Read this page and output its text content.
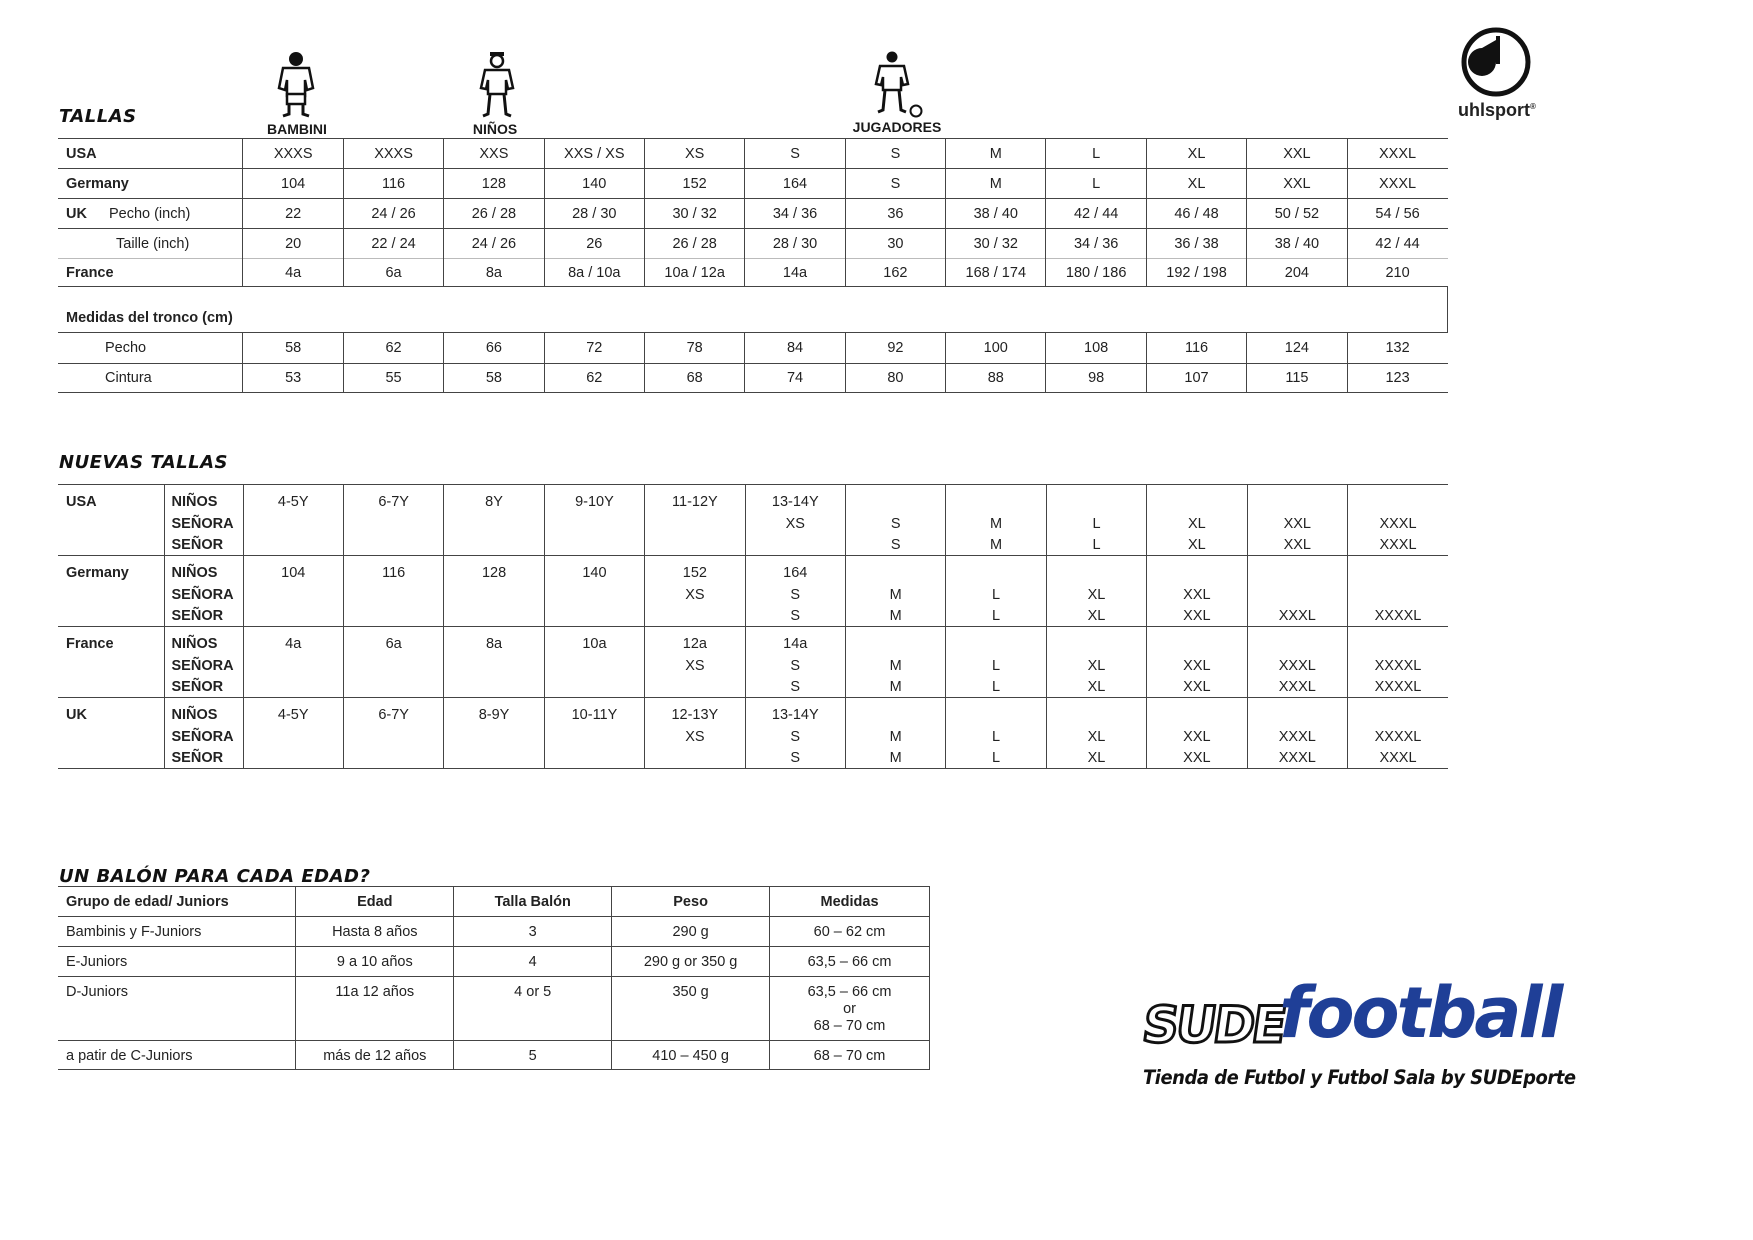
TALLAS
BAMBINI	NIÑOS	JUGADORES
uhlsport®
USA	XXXS	XXXS	XXS	XXS / XS	XS	S	S	M	L	XL	XXL	XXXL
Germany	104	116	128	140	152	164	S	M	L	XL	XXL	XXXL
UK Pecho (inch)	22	24 / 26	26 / 28	28 / 30	30 / 32	34 / 36	36	38 / 40	42 / 44	46 / 48	50 / 52	54 / 56
Taille (inch)	20	22 / 24	24 / 26	26	26 / 28	28 / 30	30	30 / 32	34 / 36	36 / 38	38 / 40	42 / 44
France	4a	6a	8a	8a / 10a	10a / 12a	14a	162	168 / 174	180 / 186	192 / 198	204	210
Medidas del tronco (cm)												
Pecho	58	62	66	72	78	84	92	100	108	116	124	132
Cintura	53	55	58	62	68	74	80	88	98	107	115	123
NUEVAS TALLAS
USA	NIÑOS	4-5Y	6-7Y	8Y	9-10Y	11-12Y	13-14Y						
	SEÑORA						XS	S	M	L	XL	XXL	XXXL
	SEÑOR							S	M	L	XL	XXL	XXXL
Germany	NIÑOS	104	116	128	140	152	164						
	SEÑORA					XS	S	M	L	XL	XXL		
	SEÑOR						S	M	L	XL	XXL	XXXL	XXXXL
France	NIÑOS	4a	6a	8a	10a	12a	14a						
	SEÑORA					XS	S	M	L	XL	XXL	XXXL	XXXXL
	SEÑOR						S	M	L	XL	XXL	XXXL	XXXXL
UK	NIÑOS	4-5Y	6-7Y	8-9Y	10-11Y	12-13Y	13-14Y						
	SEÑORA					XS	S	M	L	XL	XXL	XXXL	XXXXL
	SEÑOR						S	M	L	XL	XXL	XXXL	XXXL
UN BALÓN PARA CADA EDAD?
Grupo de edad/ Juniors	Edad	Talla Balón	Peso	Medidas
Bambinis y F-Juniors	Hasta 8 años	3	290 g	60 – 62 cm
E-Juniors	9 a 10 años	4	290 g or 350 g	63,5 – 66 cm
D-Juniors	11a 12 años	4 or 5	350 g	63,5 – 66 cm
or
68 – 70 cm
a patir de C-Juniors	más de 12 años	5	410 – 450 g	68 – 70 cm
SUDE
football
Tienda de Futbol y Futbol Sala by SUDEporte
